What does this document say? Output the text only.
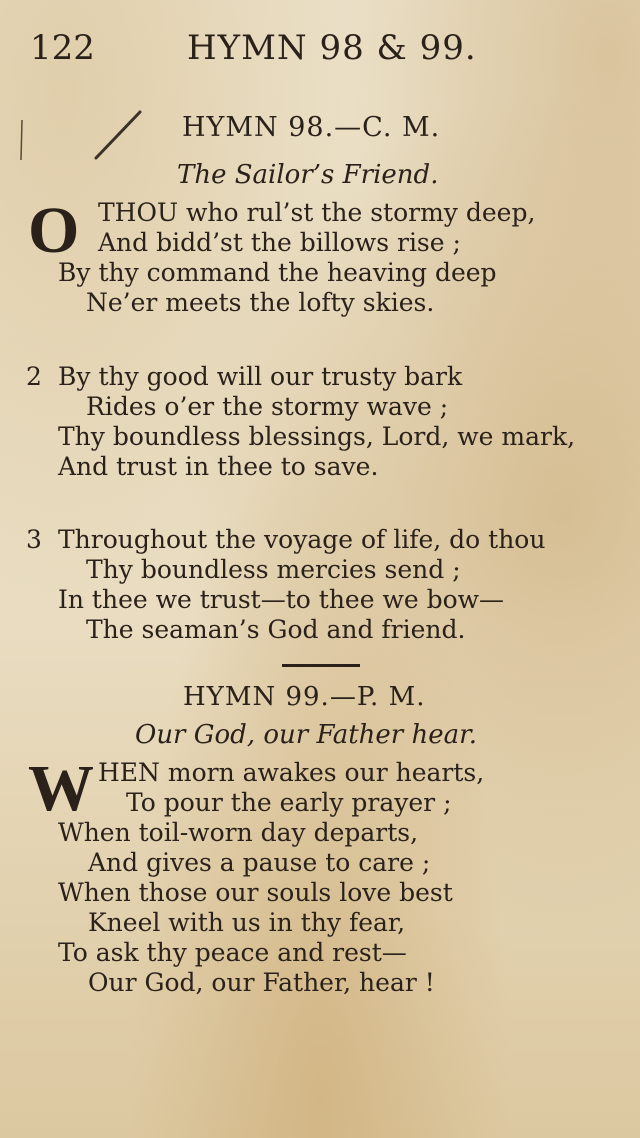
122	HYMN 98 & 99.
HYMN 98.—C. M.
The Sailor’s Friend.
O THOU who rul’st the stormy deep,
And bidd’st the billows rise ;
By thy command the heaving deep
Ne’er meets the lofty skies.
2 By thy good will our trusty bark
Rides o’er the stormy wave ;
Thy boundless blessings, Lord, we mark,
And trust in thee to save.
3 Throughout the voyage of life, do thou
Thy boundless mercies send ;
In thee we trust—to thee we bow—
The seaman’s God and friend.
HYMN 99.—P. M.
Our God, our Father hear.
W HEN morn awakes our hearts,
To pour the early prayer ;
When toil-worn day departs,
And gives a pause to care ;
When those our souls love best
Kneel with us in thy fear,
To ask thy peace and rest—
Our God, our Father, hear !
